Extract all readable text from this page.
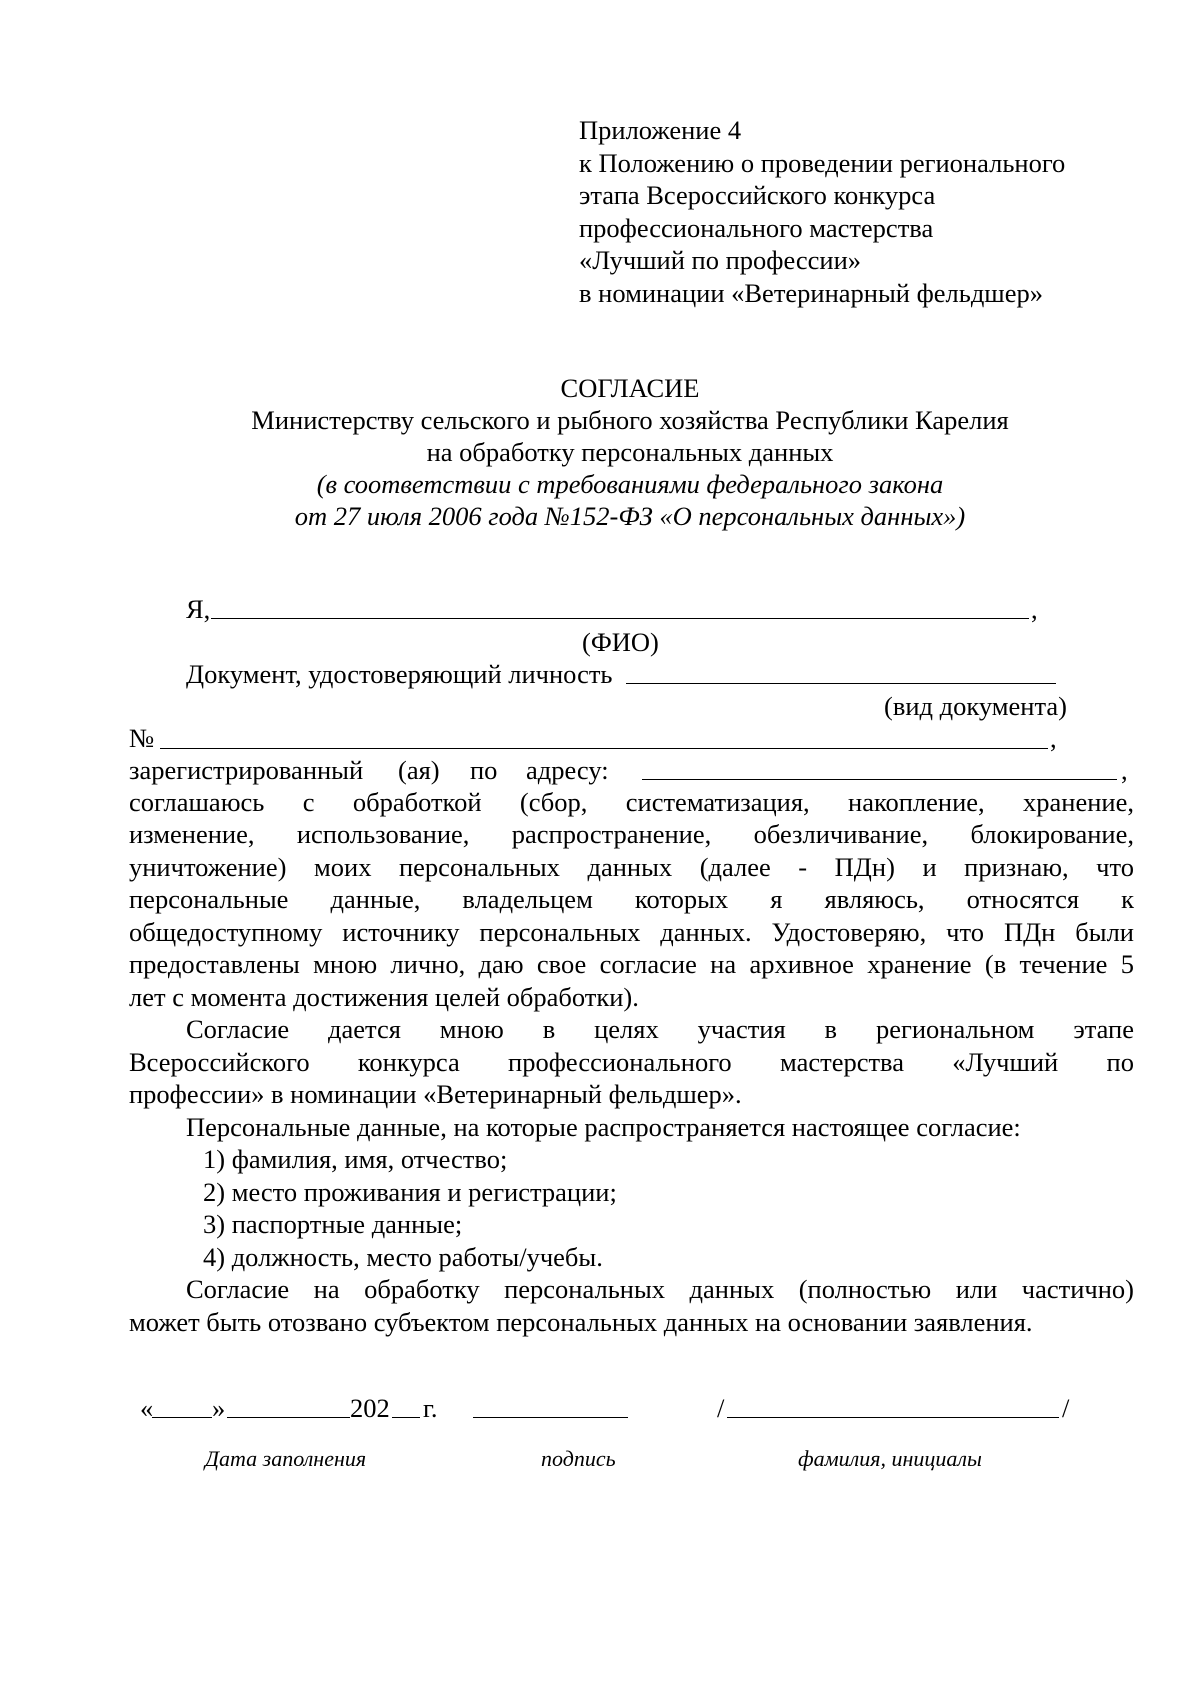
Приложение 4
к Положению о проведении регионального
этапа Всероссийского конкурса
профессионального мастерства
«Лучший по профессии»
в номинации «Ветеринарный фельдшер»
СОГЛАСИЕ
Министерству сельского и рыбного хозяйства Республики Карелия
на обработку персональных данных
(в соответствии с требованиями федерального закона
от 27 июля 2006 года №152-ФЗ «О персональных данных»)
Я,	,
(ФИО)
Документ, удостоверяющий личность
(вид документа)
№	,
зарегистрированный (ая) по адресу:	,
соглашаюсь с обработкой (сбор, систематизация, накопление, хранение,
изменение, использование, распространение, обезличивание, блокирование,
уничтожение) моих персональных данных (далее - ПДн) и признаю, что
персональные данные, владельцем которых я являюсь, относятся к
общедоступному источнику персональных данных. Удостоверяю, что ПДн были
предоставлены мною лично, даю свое согласие на архивное хранение (в течение 5
лет с момента достижения целей обработки).
Согласие дается мною в целях участия в региональном этапе
Всероссийского конкурса профессионального мастерства «Лучший по
профессии» в номинации «Ветеринарный фельдшер».
Персональные данные, на которые распространяется настоящее согласие:
1) фамилия, имя, отчество;
2) место проживания и регистрации;
3) паспортные данные;
4) должность, место работы/учебы.
Согласие на обработку персональных данных (полностью или частично)
может быть отозвано субъектом персональных данных на основании заявления.
« »	202 г.	/	/
Дата заполнения	подпись	фамилия, инициалы
